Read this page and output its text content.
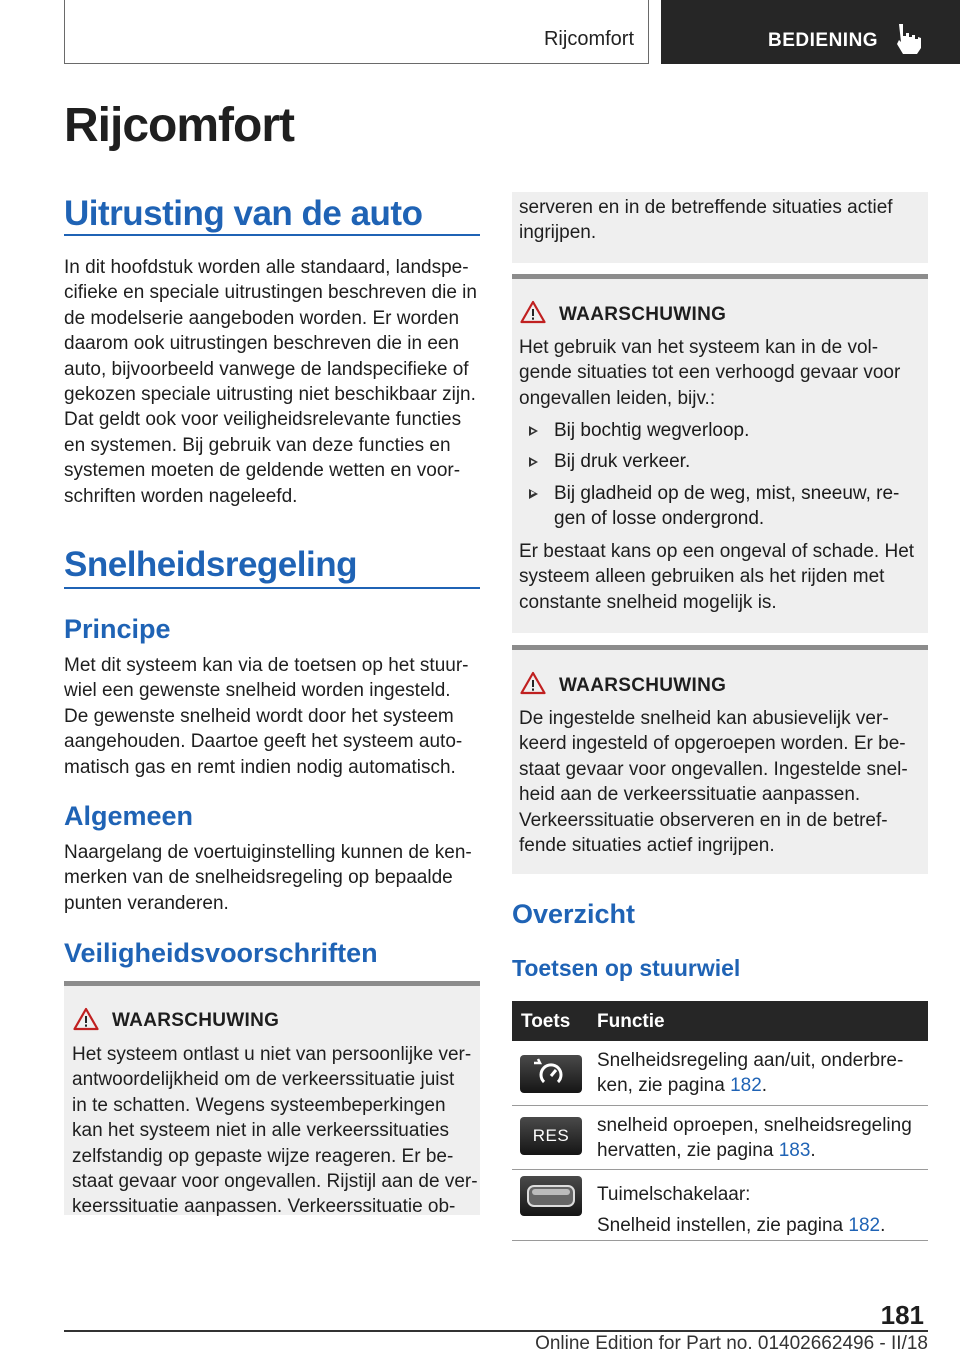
Rijcomfort	BEDIENING
Rijcomfort
Uitrusting van de auto
In dit hoofdstuk worden alle standaard, landspe-
cifieke en speciale uitrustingen beschreven die in
de modelserie aangeboden worden. Er worden
daarom ook uitrustingen beschreven die in een
auto, bijvoorbeeld vanwege de landspecifieke of
gekozen speciale uitrusting niet beschikbaar zijn.
Dat geldt ook voor veiligheidsrelevante functies
en systemen. Bij gebruik van deze functies en
systemen moeten de geldende wetten en voor-
schriften worden nageleefd.
Snelheidsregeling
Principe
Met dit systeem kan via de toetsen op het stuur-
wiel een gewenste snelheid worden ingesteld.
De gewenste snelheid wordt door het systeem
aangehouden. Daartoe geeft het systeem auto-
matisch gas en remt indien nodig automatisch.
Algemeen
Naargelang de voertuiginstelling kunnen de ken-
merken van de snelheidsregeling op bepaalde
punten veranderen.
Veiligheidsvoorschriften
WAARSCHUWING
Het systeem ontlast u niet van persoonlijke ver-
antwoordelijkheid om de verkeerssituatie juist
in te schatten. Wegens systeembeperkingen
kan het systeem niet in alle verkeerssituaties
zelfstandig op gepaste wijze reageren. Er be-
staat gevaar voor ongevallen. Rijstijl aan de ver-
keerssituatie aanpassen. Verkeerssituatie ob-
serveren en in de betreffende situaties actief
ingrijpen.
WAARSCHUWING
Het gebruik van het systeem kan in de vol-
gende situaties tot een verhoogd gevaar voor
ongevallen leiden, bijv.:
Bij bochtig wegverloop.
Bij druk verkeer.
Bij gladheid op de weg, mist, sneeuw, re-
gen of losse ondergrond.
Er bestaat kans op een ongeval of schade. Het
systeem alleen gebruiken als het rijden met
constante snelheid mogelijk is.
WAARSCHUWING
De ingestelde snelheid kan abusievelijk ver-
keerd ingesteld of opgeroepen worden. Er be-
staat gevaar voor ongevallen. Ingestelde snel-
heid aan de verkeerssituatie aanpassen.
Verkeerssituatie observeren en in de betref-
fende situaties actief ingrijpen.
Overzicht
Toetsen op stuurwiel
Toets Functie
Snelheidsregeling aan/uit, onderbre-
ken, zie pagina 182.
RES snelheid oproepen, snelheidsregeling
hervatten, zie pagina 183.
Tuimelschakelaar:
Snelheid instellen, zie pagina 182.
181
Online Edition for Part no. 01402662496 - II/18
